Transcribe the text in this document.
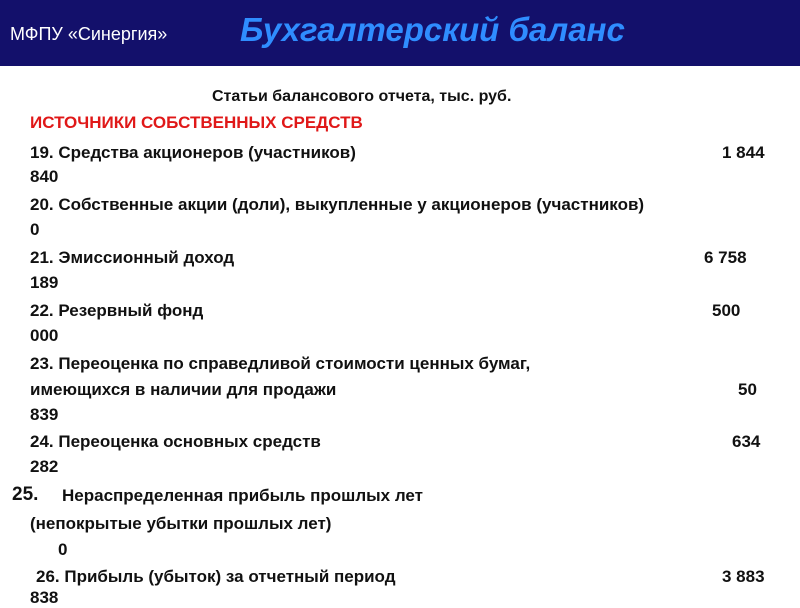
МФПУ «Синергия» Бухгалтерский баланс
Статьи балансового отчета, тыс. руб.
ИСТОЧНИКИ СОБСТВЕННЫХ СРЕДСТВ
19. Средства акционеров (участников)	1 844
840
20. Собственные акции (доли), выкупленные у акционеров (участников)
0
21. Эмиссионный доход	6 758
189
22. Резервный фонд	500
000
23. Переоценка по справедливой стоимости ценных бумаг,
имеющихся в наличии для продажи	50
839
24. Переоценка основных средств	634
282
25. Нераспределенная прибыль прошлых лет
(непокрытые убытки прошлых лет)
0
26. Прибыль (убыток) за отчетный период	3 883
838
